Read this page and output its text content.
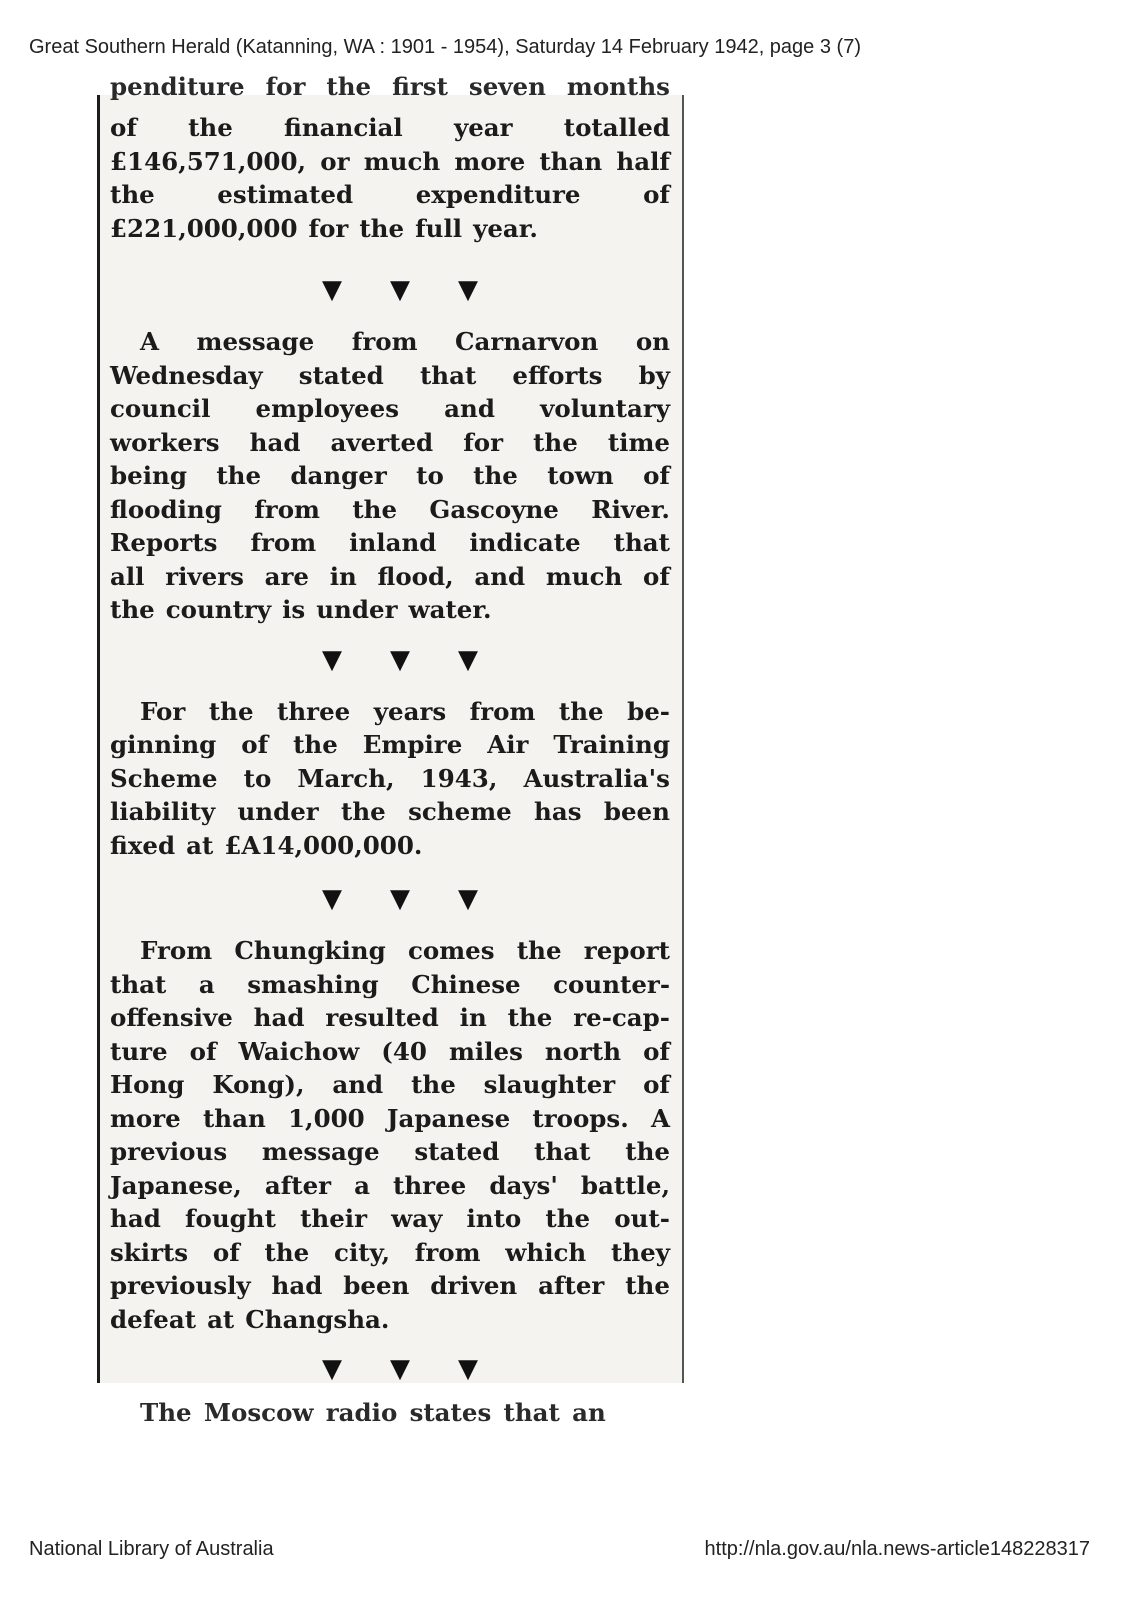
Great Southern Herald (Katanning, WA : 1901 - 1954), Saturday 14 February 1942, page 3 (7)
penditure for the first seven months
of the financial year totalled
£146,571,000, or much more than half
the	estimated	expenditure	of
£221,000,000 for the full year.
▼ ▼ ▼
A message from Carnarvon on
Wednesday stated that efforts by
council employees and voluntary
workers had averted for the time
being the danger to the town of
flooding from the Gascoyne River.
Reports from inland indicate that
all rivers are in flood, and much of
the country is under water.
▼ ▼ ▼
For the three years from the be-
ginning of the Empire Air Training
Scheme to March, 1943, Australia's
liability under the scheme has been
fixed at £A14,000,000.
▼ ▼ ▼
From Chungking comes the report
that a smashing Chinese counter-
offensive had resulted in the re-cap-
ture of Waichow (40 miles north of
Hong Kong), and the slaughter of
more than 1,000 Japanese troops. A
previous message stated that the
Japanese, after a three days' battle,
had fought their way into the out-
skirts of the city, from which they
previously had been driven after the
defeat at Changsha.
▼ ▼ ▼
The Moscow radio states that an
National Library of Australia	http://nla.gov.au/nla.news-article148228317
